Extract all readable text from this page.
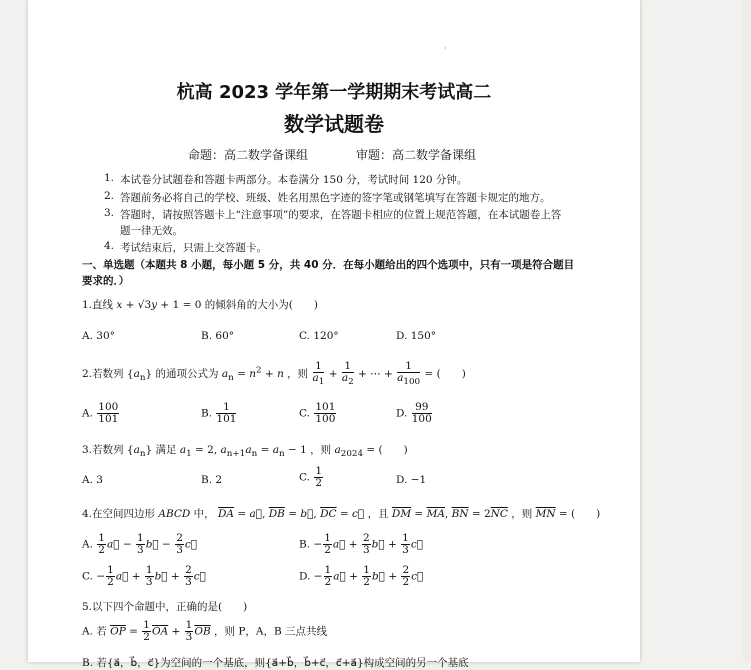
·
杭高 2023 学年第一学期期末考试高二
数学试题卷
命题：高二数学备课组	审题：高二数学备课组
1. 本试卷分试题卷和答题卡两部分。本卷满分 150 分，考试时间 120 分钟。
2. 答题前务必将自己的学校、班级、姓名用黑色字迹的签字笔或钢笔填写在答题卡规定的地方。
3. 答题时，请按照答题卡上“注意事项”的要求，在答题卡相应的位置上规范答题，在本试题卷上答
题一律无效。
4. 考试结束后，只需上交答题卡。
一、单选题（本题共 8 小题，每小题 5 分，共 40 分．在每小题给出的四个选项中，只有一项是符合题目
要求的．）
1.直线 x + √3y + 1 = 0 的倾斜角的大小为(　　)
A. 30°	B. 60°	C. 120°	D. 150°
2.若数列 $\{a_n\}$ 的通项公式为 $a_n = n^2 + n$ ，则 $\frac{1}{a_1} + \frac{1}{a_2}$ + ⋯ + $\frac{1}{a_{100}}$ = (　　)
A. $\frac{100}{101}$	B. $\frac{1}{101}$	C. $\frac{101}{100}$	D. $\frac{99}{100}$
3.若数列 $\{a_n\}$ 满足 $a_1 = 2$, $a_{n+1}a_n = a_n - 1$ ，则 $a_{2024}$ = (　　)
A. 3	B. 2	C. $\frac{1}{2}$	D. −1
4.在空间四边形 ABCD 中， $\overline{DA}$ = a⃗, $\overline{DB}$ = b⃗, $\overline{DC}$ = c⃗ ，且 $\overline{DM} = \overline{MA}$, $\overline{BN} = 2\overline{NC}$ ，则 $\overline{MN}$ = (　　)
A. $\frac{1}{2}$ a⃗ − $\frac{1}{3}$ b⃗ − $\frac{2}{3}$ c⃗	B. − $\frac{1}{2}$ a⃗ + $\frac{2}{3}$ b⃗ + $\frac{1}{3}$ c⃗
C. − $\frac{1}{2}$ a⃗ + $\frac{1}{3}$ b⃗ + $\frac{2}{3}$ c⃗	D. − $\frac{1}{2}$ a⃗ + $\frac{1}{2}$ b⃗ + $\frac{2}{2}$ c⃗
5.以下四个命题中，正确的是(　　)
A. 若 $\overline{OP} = \frac{1}{2} \overline{OA} + \frac{1}{3} \overline{OB}$ ，则 P，A，B 三点共线
B. 若{a⃗，b⃗，c⃗}为空间的一个基底，则{a⃗+b⃗，b⃗+c⃗，c⃗+a⃗}构成空间的另一个基底
